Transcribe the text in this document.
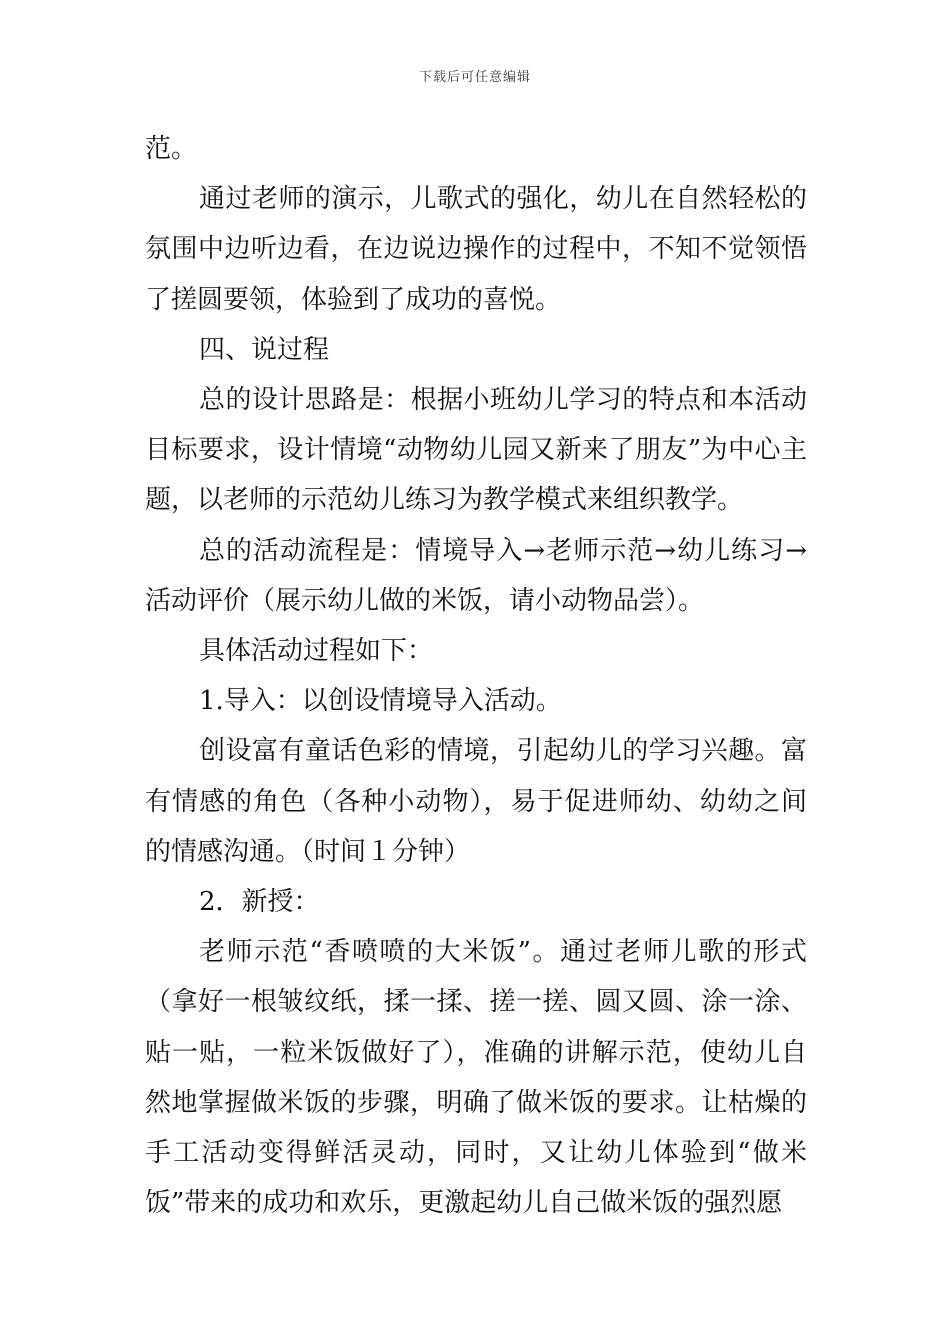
下载后可任意编辑

范。

通过老师的演示，儿歌式的强化，幼儿在自然轻松的氛围中边听边看，在边说边操作的过程中，不知不觉领悟了搓圆要领，体验到了成功的喜悦。

四、说过程

总的设计思路是：根据小班幼儿学习的特点和本活动目标要求，设计情境“动物幼儿园又新来了朋友”为中心主题，以老师的示范幼儿练习为教学模式来组织教学。

总的活动流程是：情境导入→老师示范→幼儿练习→活动评价（展示幼儿做的米饭，请小动物品尝）。

具体活动过程如下：

1.导入：以创设情境导入活动。

创设富有童话色彩的情境，引起幼儿的学习兴趣。富有情感的角色（各种小动物），易于促进师幼、幼幼之间的情感沟通。（时间１分钟）

2．新授：

老师示范“香喷喷的大米饭”。通过老师儿歌的形式（拿好一根皱纹纸，揉一揉、搓一搓、圆又圆、涂一涂、贴一贴，一粒米饭做好了），准确的讲解示范，使幼儿自然地掌握做米饭的步骤，明确了做米饭的要求。让枯燥的手工活动变得鲜活灵动，同时，又让幼儿体验到“做米饭”带来的成功和欢乐，更激起幼儿自己做米饭的强烈愿
